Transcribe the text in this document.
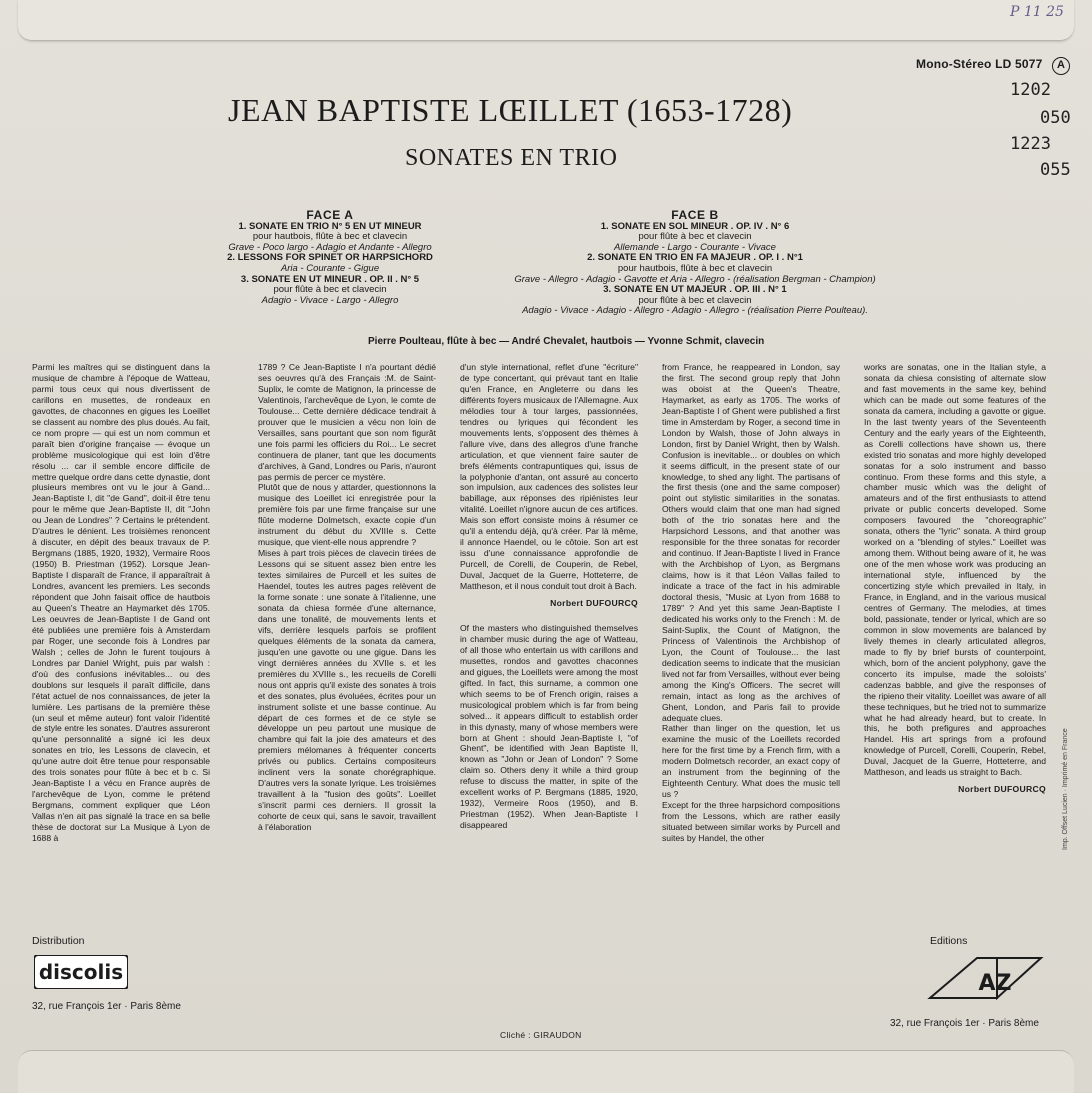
P 11 25
Mono-Stéreo LD 5077 A
1202
050
1223
055
JEAN BAPTISTE LŒILLET (1653-1728)
SONATES EN TRIO
FACE A
1. SONATE EN TRIO N° 5 EN UT MINEUR
pour hautbois, flûte à bec et clavecin
Grave - Poco largo - Adagio et Andante - Allegro
2. LESSONS FOR SPINET OR HARPSICHORD
Aria - Courante - Gigue
3. SONATE EN UT MINEUR . OP. II . N° 5
pour flûte à bec et clavecin
Adagio - Vivace - Largo - Allegro
FACE B
1. SONATE EN SOL MINEUR . OP. IV . N° 6
pour flûte à bec et clavecin
Allemande - Largo - Courante - Vivace
2. SONATE EN TRIO EN FA MAJEUR . OP. I . N°1
pour hautbois, flûte à bec et clavecin
Grave - Allegro - Adagio - Gavotte et Aria - Allegro - (réalisation Bergman - Champion)
3. SONATE EN UT MAJEUR . OP. III . N° 1
pour flûte à bec et clavecin
Adagio - Vivace - Adagio - Allegro - Adagio - Allegro - (réalisation Pierre Poulteau).
Pierre Poulteau, flûte à bec — André Chevalet, hautbois — Yvonne Schmit, clavecin

Parmi les maîtres qui se distinguent dans la musique de chambre à l'époque de Watteau, parmi tous ceux qui nous divertissent de carillons en musettes, de rondeaux en gavottes, de chaconnes en gigues les Loeillet se classent au nombre des plus doués. Au fait, ce nom propre — qui est un nom commun et paraît bien d'origine française — évoque un problème musicologique qui est loin d'être résolu ... car il semble encore difficile de mettre quelque ordre dans cette dynastie, dont plusieurs membres ont vu le jour à Gand... Jean-Baptiste I, dit "de Gand", doit-il être tenu pour le même que Jean-Baptiste II, dit "John ou Jean de Londres" ? Certains le prétendent. D'autres le dénient. Les troisièmes renoncent à discuter, en dépit des beaux travaux de P. Bergmans (1885, 1920, 1932), Vermaire Roos (1950) B. Priestman (1952). Lorsque Jean-Baptiste I disparaît de France, il apparaîtrait à Londres, avancent les premiers. Les seconds répondent que John faisait office de hautbois au Queen's Theatre an Haymarket dès 1705. Les oeuvres de Jean-Baptiste I de Gand ont été publiées une première fois à Amsterdam par Roger, une seconde fois à Londres par Walsh ; celles de John le furent toujours à Londres par Daniel Wright, puis par walsh : d'où des confusions inévitables... ou des doublons sur lesquels il paraît difficile, dans l'état actuel de nos connaissances, de jeter la lumière. Les partisans de la première thèse (un seul et même auteur) font valoir l'identité de style entre les sonates. D'autres assureront qu'une personnalité a signé ici les deux sonates en trio, les Lessons de clavecin, et qu'une autre doit être tenue pour responsable des trois sonates pour flûte à bec et b c. Si Jean-Baptiste I a vécu en France auprès de l'archevêque de Lyon, comme le prétend Bergmans, comment expliquer que Léon Vallas n'en ait pas signalé la trace en sa belle thèse de doctorat sur La Musique à Lyon de 1688 à

1789 ? Ce Jean-Baptiste I n'a pourtant dédié ses oeuvres qu'à des Français :M. de Saint-Suplix, le comte de Matignon, la princesse de Valentinois, l'archevêque de Lyon, le comte de Toulouse... Cette dernière dédicace tendrait à prouver que le musicien a vécu non loin de Versailles, sans pourtant que son nom figurât une fois parmi les officiers du Roi... Le secret continuera de planer, tant que les documents d'archives, à Gand, Londres ou Paris, n'auront pas permis de percer ce mystère.

Plutôt que de nous y attarder, questionnons la musique des Loeillet ici enregistrée pour la première fois par une firme française sur une flûte moderne Dolmetsch, exacte copie d'un instrument du début du XVIIIe s. Cette musique, que vient-elle nous apprendre ?

Mises à part trois pièces de clavecin tirées de Lessons qui se situent assez bien entre les textes similaires de Purcell et les suites de Haendel, toutes les autres pages relèvent de la forme sonate : une sonate à l'italienne, une sonata da chiesa formée d'une alternance, dans une tonalité, de mouvements lents et vifs, derrière lesquels parfois se profilent quelques éléments de la sonata da camera, jusqu'en une gavotte ou une gigue. Dans les vingt dernières années du XVIIe s. et les premières du XVIIIe s., les recueils de Corelli nous ont appris qu'il existe des sonates à trois et des sonates, plus évoluées, écrites pour un instrument soliste et une basse continue. Au départ de ces formes et de ce style se développe un peu partout une musique de chambre qui fait la joie des amateurs et des premiers mélomanes à fréquenter concerts privés ou publics. Certains compositeurs inclinent vers la sonate chorégraphique. D'autres vers la sonate lyrique. Les troisièmes travaillent à la "fusion des goûts". Loeillet s'inscrit parmi ces derniers. Il grossit la cohorte de ceux qui, sans le savoir, travaillent à l'élaboration

d'un style international, reflet d'une "écriture" de type concertant, qui prévaut tant en Italie qu'en France, en Angleterre ou dans les différents foyers musicaux de l'Allemagne. Aux mélodies tour à tour larges, passionnées, tendres ou lyriques qui fécondent les mouvements lents, s'opposent des thèmes à l'allure vive, dans des allegros d'une franche articulation, et que viennent faire sauter de brefs éléments contrapuntiques qui, issus de la polyphonie d'antan, ont assuré au concerto son impulsion, aux cadences des solistes leur babillage, aux réponses des ripiénistes leur vitalité. Loeillet n'ignore aucun de ces artifices. Mais son effort consiste moins à résumer ce qu'il a entendu déjà, qu'à créer. Par là même, il annonce Haendel, ou le côtoie. Son art est issu d'une connaissance approfondie de Purcell, de Corelli, de Couperin, de Rebel, Duval, Jacquet de la Guerre, Hotteterre, de Mattheson, et il nous conduit tout droit à Bach.

Norbert DUFOURCQ

Of the masters who distinguished themselves in chamber music during the age of Watteau, of all those who entertain us with carillons and musettes, rondos and gavottes chaconnes and gigues, the Loeillets were among the most gifted. In fact, this surname, a common one which seems to be of French origin, raises a musicological problem which is far from being solved... it appears difficult to establish order in this dynasty, many of whose members were born at Ghent : should Jean-Baptiste I, "of Ghent", be identified with Jean Baptiste II, known as "John or Jean of London" ? Some claim so. Others deny it while a third group refuse to discuss the matter, in spite of the excellent works of P. Bergmans (1885, 1920, 1932), Vermeire Roos (1950), and B. Priestman (1952). When Jean-Baptiste I disappeared

from France, he reappeared in London, say the first. The second group reply that John was oboist at the Queen's Theatre, Haymarket, as early as 1705. The works of Jean-Baptiste I of Ghent were published a first time in Amsterdam by Roger, a second time in London by Walsh, those of John always in London, first by Daniel Wright, then by Walsh. Confusion is inevitable... or doubles on which it seems difficult, in the present state of our knowledge, to shed any light. The partisans of the first thesis (one and the same composer) point out stylistic similarities in the sonatas. Others would claim that one man had signed both of the trio sonatas here and the Harpsichord Lessons, and that another was responsible for the three sonatas for recorder and continuo. If Jean-Baptiste I lived in France with the Archbishop of Lyon, as Bergmans claims, how is it that Léon Vallas failed to indicate a trace of the fact in his admirable doctoral thesis, "Music at Lyon from 1688 to 1789" ? And yet this same Jean-Baptiste I dedicated his works only to the French : M. de Saint-Suplix, the Count of Matignon, the Princess of Valentinois the Archbishop of Lyon, the Count of Toulouse... the last dedication seems to indicate that the musician lived not far from Versailles, without ever being among the King's Officers. The secret will remain, intact as long as the archives of Ghent, London, and Paris fail to provide adequate clues.

Rather than linger on the question, let us examine the music of the Loeillets recorded here for the first time by a French firm, with a modern Dolmetsch recorder, an exact copy of an instrument from the beginning of the Eighteenth Century. What does the music tell us ?

Except for the three harpsichord compositions from the Lessons, which are rather easily situated between similar works by Purcell and suites by Handel, the other

works are sonatas, one in the Italian style, a sonata da chiesa consisting of alternate slow and fast movements in the same key, behind which can be made out some features of the sonata da camera, including a gavotte or gigue. In the last twenty years of the Seventeenth Century and the early years of the Eighteenth, as Corelli collections have shown us, there existed trio sonatas and more highly developed sonatas for a solo instrument and basso continuo. From these forms and this style, a chamber music which was the delight of amateurs and of the first enthusiasts to attend private or public concerts developed. Some composers favoured the "choreographic" sonata, others the "lyric" sonata. A third group worked on a "blending of styles." Loeillet was among them. Without being aware of it, he was one of the men whose work was producing an international style, influenced by the concertizing style which prevailed in Italy, in France, in England, and in the various musical centres of Germany. The melodies, at times bold, passionate, tender or lyrical, which are so common in slow movements are balanced by lively themes in clearly articulated allegros, made to fly by brief bursts of counterpoint, which, born of the ancient polyphony, gave the concerto its impulse, made the soloists' cadenzas babble, and give the responses of the ripieno their vitality. Loeillet was aware of all these techniques, but he tried not to summarize what he had already heard, but to create. In this, he both prefigures and approaches Handel. His art springs from a profound knowledge of Purcell, Corelli, Couperin, Rebel, Duval, Jacquet de la Guerre, Hotteterre, and Mattheson, and leads us straight to Bach.

Norbert DUFOURCQ

Distribution
discolis
32, rue François 1er · Paris 8ème
Editions
AZ
32, rue François 1er · Paris 8ème
Cliché : GIRAUDON
Imp. Offset Lucien · Imprimé en France
